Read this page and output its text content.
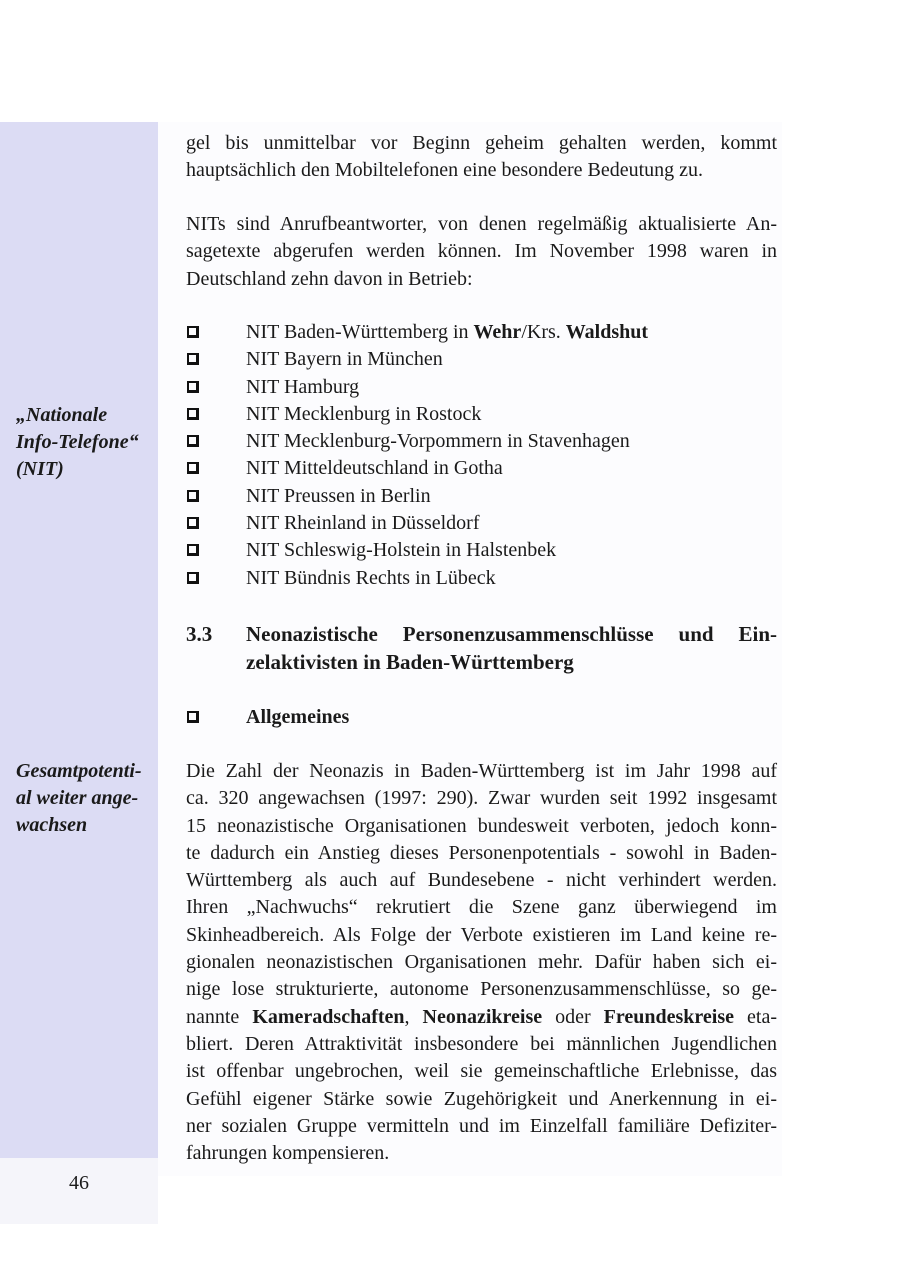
„Nationale
Info-Telefone“
(NIT)
Gesamtpotenti-
al weiter ange-
wachsen
46
gel bis unmittelbar vor Beginn geheim gehalten werden, kommt
hauptsächlich den Mobiltelefonen eine besondere Bedeutung zu.
NITs sind Anrufbeantworter, von denen regelmäßig aktualisierte An-
sagetexte abgerufen werden können. Im November 1998 waren in
Deutschland zehn davon in Betrieb:
NIT Baden-Württemberg in Wehr/Krs. Waldshut
NIT Bayern in München
NIT Hamburg
NIT Mecklenburg in Rostock
NIT Mecklenburg-Vorpommern in Stavenhagen
NIT Mitteldeutschland in Gotha
NIT Preussen in Berlin
NIT Rheinland in Düsseldorf
NIT Schleswig-Holstein in Halstenbek
NIT Bündnis Rechts in Lübeck
3.3 Neonazistische Personenzusammenschlüsse und Ein-
zelaktivisten in Baden-Württemberg
Allgemeines
Die Zahl der Neonazis in Baden-Württemberg ist im Jahr 1998 auf
ca. 320 angewachsen (1997: 290). Zwar wurden seit 1992 insgesamt
15 neonazistische Organisationen bundesweit verboten, jedoch konn-
te dadurch ein Anstieg dieses Personenpotentials - sowohl in Baden-
Württemberg als auch auf Bundesebene - nicht verhindert werden.
Ihren „Nachwuchs“ rekrutiert die Szene ganz überwiegend im
Skinheadbereich. Als Folge der Verbote existieren im Land keine re-
gionalen neonazistischen Organisationen mehr. Dafür haben sich ei-
nige lose strukturierte, autonome Personenzusammenschlüsse, so ge-
nannte Kameradschaften, Neonazikreise oder Freundeskreise eta-
bliert. Deren Attraktivität insbesondere bei männlichen Jugendlichen
ist offenbar ungebrochen, weil sie gemeinschaftliche Erlebnisse, das
Gefühl eigener Stärke sowie Zugehörigkeit und Anerkennung in ei-
ner sozialen Gruppe vermitteln und im Einzelfall familiäre Defiziter-
fahrungen kompensieren.
